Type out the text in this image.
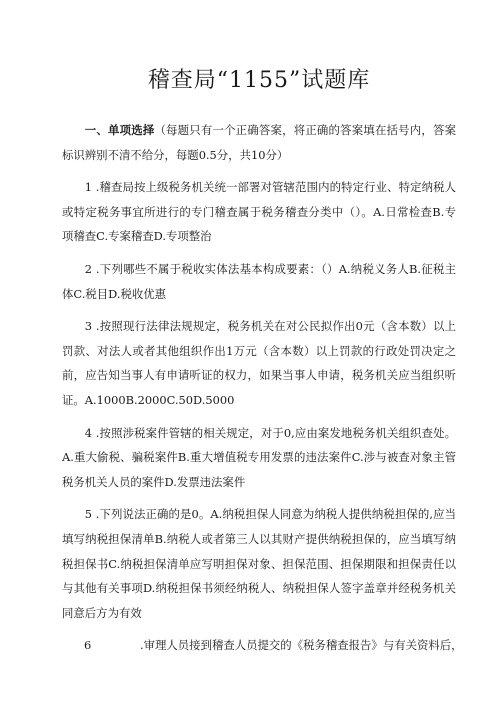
稽查局“1155”试题库

一、单项选择（每题只有一个正确答案，将正确的答案填在括号内，答案标识辨别不清不给分，每题0.5分，共10分）

1 .稽查局按上级税务机关统一部署对管辖范围内的特定行业、特定纳税人或特定税务事宜所进行的专门稽查属于税务稽查分类中（）。A.日常检查B.专项稽查C.专案稽查D.专项整治

2 .下列哪些不属于税收实体法基本构成要素：（）A.纳税义务人B.征税主体C.税目D.税收优惠

3 .按照现行法律法规规定，税务机关在对公民拟作出0元（含本数）以上罚款、对法人或者其他组织作出1万元（含本数）以上罚款的行政处罚决定之前，应告知当事人有申请听证的权力，如果当事人申请，税务机关应当组织听证。A.1000B.2000C.50D.5000

4 .按照涉税案件管辖的相关规定，对于0,应由案发地税务机关组织查处。A.重大偷税、骗税案件B.重大增值税专用发票的违法案件C.涉与被查对象主管税务机关人员的案件D.发票违法案件

5 .下列说法正确的是0。A.纳税担保人同意为纳税人提供纳税担保的,应当填写纳税担保清单B.纳税人或者第三人以其财产提供纳税担保的，应当填写纳税担保书C.纳税担保清单应写明担保对象、担保范围、担保期限和担保责任以与其他有关事项D.纳税担保书须经纳税人、纳税担保人签字盖章并经税务机关同意后方为有效

6	.审理人员接到稽查人员提交的《税务稽查报告》与有关资料后，
